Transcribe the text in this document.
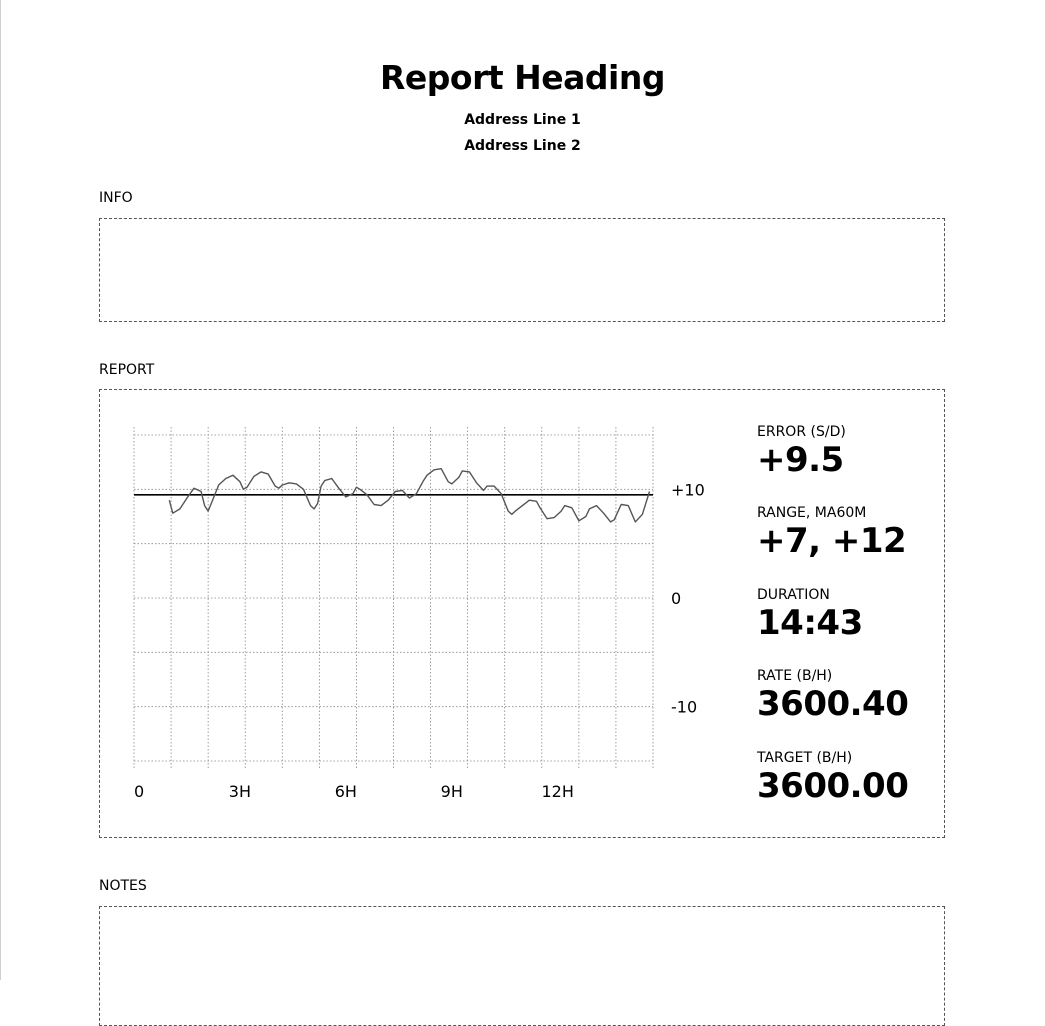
Report Heading
Address Line 1
Address Line 2
INFO
REPORT
+10
0
-10
0	3H	6H	9H	12H
ERROR (S/D)
+9.5
RANGE, MA60M
+7, +12
DURATION
14:43
RATE (B/H)
3600.40
TARGET (B/H)
3600.00
NOTES
